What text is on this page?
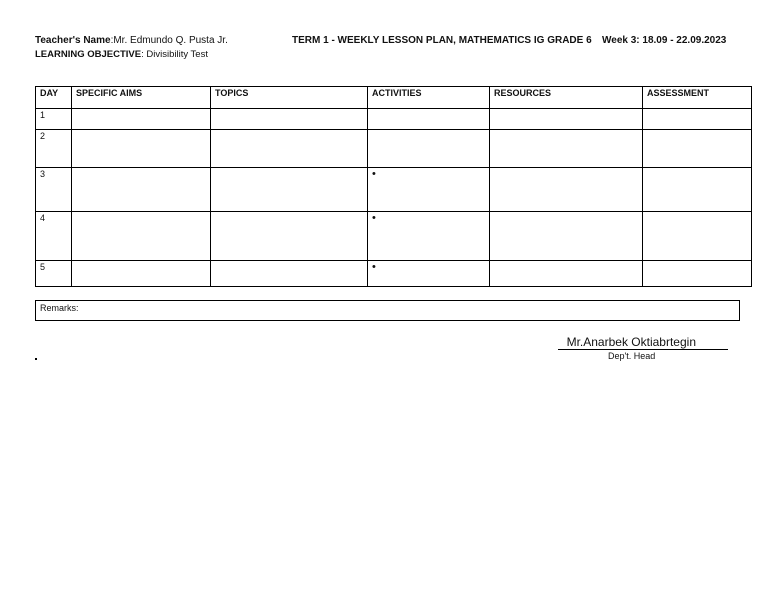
Teacher's Name:Mr. Edmundo Q. Pusta Jr.
LEARNING OBJECTIVE: Divisibility Test
TERM 1 - WEEKLY LESSON PLAN, MATHEMATICS IG GRADE 6 Week 3: 18.09 - 22.09.2023
DAY	SPECIFIC AIMS	TOPICS	ACTIVITIES	RESOURCES	ASSESSMENT
1					
2					
3			•		
4			•		
5			•		
Remarks:
Mr.Anarbek Oktiabrtegin
Dep't. Head
